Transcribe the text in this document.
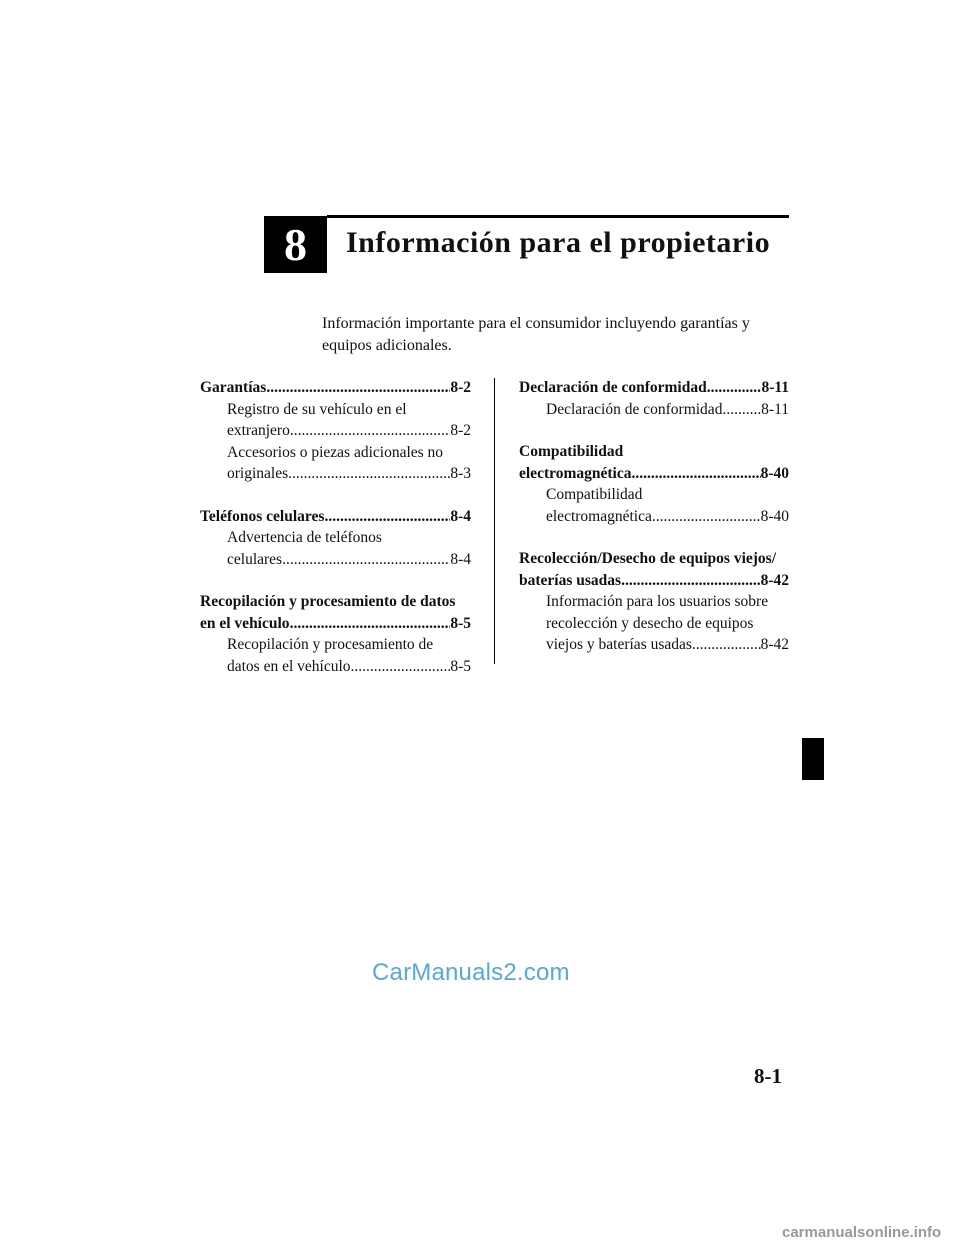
8 Información para el propietario
Información importante para el consumidor incluyendo garantías y equipos adicionales.
Garantías .....	8-2
Registro de su vehículo en el
extranjero .....	8-2
Accesorios o piezas adicionales no
originales .....	8-3
Teléfonos celulares .....	8-4
Advertencia de teléfonos
celulares .....	8-4
Recopilación y procesamiento de datos
en el vehículo .....	8-5
Recopilación y procesamiento de
datos en el vehículo .....	8-5
Declaración de conformidad .....	8-11
Declaración de conformidad ..... 8-11
Compatibilidad
electromagnética .....	8-40
Compatibilidad
electromagnética .....	8-40
Recolección/Desecho de equipos viejos/
baterías usadas .....	8-42
Información para los usuarios sobre
recolección y desecho de equipos
viejos y baterías usadas .....	8-42
CarManuals2.com
8-1
carmanualsonline.info
